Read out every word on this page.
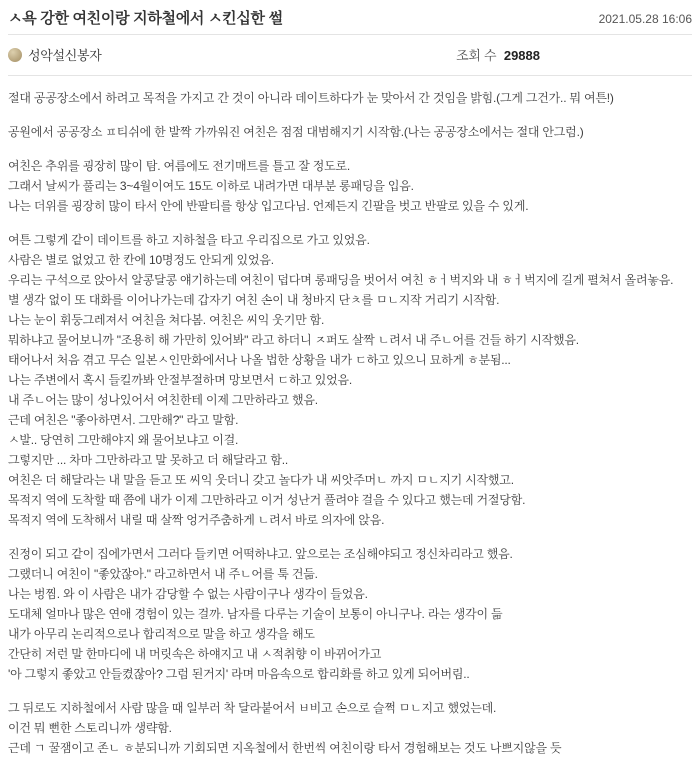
ㅅ욕 강한 여친이랑 지하철에서 ㅅ킨십한 썰	2021.05.28 16:06
성악설신봉자	조회 수 29888
절대 공공장소에서 하려고 목적을 가지고 간 것이 아니라 데이트하다가 눈 맞아서 간 것임을 밝힘.(그게 그건가.. 뭐 여튼!)
공원에서 공공장소 ㅍ티쉬에 한 발짝 가까워진 여친은 점점 대범해지기 시작함.(나는 공공장소에서는 절대 안그럼.)
여친은 추위를 굉장히 많이 탐. 여름에도 전기매트를 틀고 잘 정도로.
그래서 날씨가 풀리는 3~4월이여도 15도 이하로 내려가면 대부분 롱패딩을 입음.
나는 더위를 굉장히 많이 타서 안에 반팔티를 항상 입고다님. 언제든지 긴팔을 벗고 반팔로 있을 수 있게.
여튼 그렇게 같이 데이트를 하고 지하철을 타고 우리집으로 가고 있었음.
사람은 별로 없었고 한 칸에 10명정도 안되게 있었음.
우리는 구석으로 앉아서 알콩달콩 얘기하는데 여친이 덥다며 롱패딩을 벗어서 여친 ㅎㅓ벅지와 내 ㅎㅓ벅지에 길게 펼쳐서 올려놓음.
별 생각 없이 또 대화를 이어나가는데 갑자기 여친 손이 내 청바지 단ㅊ를 ㅁㄴ지작 거리기 시작함.
나는 눈이 휘둥그레져서 여친을 쳐다봄. 여친은 씨익 웃기만 함.
뭐하냐고 물어보니까 "조용히 해 가만히 있어봐" 라고 하더니 ㅈ퍼도 살짝 ㄴ려서 내 주ㄴ어를 건들 하기 시작했음.
태어나서 처음 겪고 무슨 일본ㅅ인만화에서나 나올 법한 상황을 내가 ㄷ하고 있으니 묘하게 ㅎ분됨...
나는 주변에서 혹시 들킬까봐 안절부절하며 망보면서 ㄷ하고 있었음.
내 주ㄴ어는 많이 성나있어서 여친한테 이제 그만하라고 했음.
근데 여친은 "좋아하면서. 그만해?" 라고 말함.
ㅅ발.. 당연히 그만해야지 왜 물어보냐고 이걸.
그렇지만 ... 차마 그만하라고 말 못하고 더 해달라고 함..
여친은 더 해달라는 내 말을 듣고 또 씨익 웃더니 갖고 놀다가 내 씨앗주머ㄴ 까지 ㅁㄴ지기 시작했고.
목적지 역에 도착할 때 쯤에 내가 이제 그만하라고 이거 성난거 풀려야 걸을 수 있다고 했는데 거절당함.
목적지 역에 도착해서 내릴 때 살짝 엉거주춤하게 ㄴ려서 바로 의자에 앉음.
진정이 되고 같이 집에가면서 그러다 들키면 어떡하냐고. 앞으로는 조심해야되고 정신차리라고 했음.
그랬더니 여친이 "좋았잖아." 라고하면서 내 주ㄴ어를 툭 건듦.
나는 벙찜. 와 이 사람은 내가 감당할 수 없는 사람이구나 생각이 들었음.
도대체 얼마나 많은 연애 경험이 있는 걸까. 남자를 다루는 기술이 보통이 아니구나. 라는 생각이 듦
내가 아무리 논리적으로나 합리적으로 말을 하고 생각을 해도
간단히 저런 말 한마디에 내 머릿속은 하얘지고 내 ㅅ적취향 이 바뀌어가고
'아 그렇지 좋았고 안들켰잖아? 그럼 된거지' 라며 마음속으로 합리화를 하고 있게 되어버림..
그 뒤로도 지하철에서 사람 많을 때 일부러 착 달라붙어서 ㅂ비고 손으로 슬쩍 ㅁㄴ지고 했었는데.
이건 뭐 뻔한 스토리니까 생략함.
근데 ㄱ 꿀잼이고 존ㄴ ㅎ분되니까 기회되면 지옥철에서 한번씩 여친이랑 타서 경험해보는 것도 나쁘지않을 듯
